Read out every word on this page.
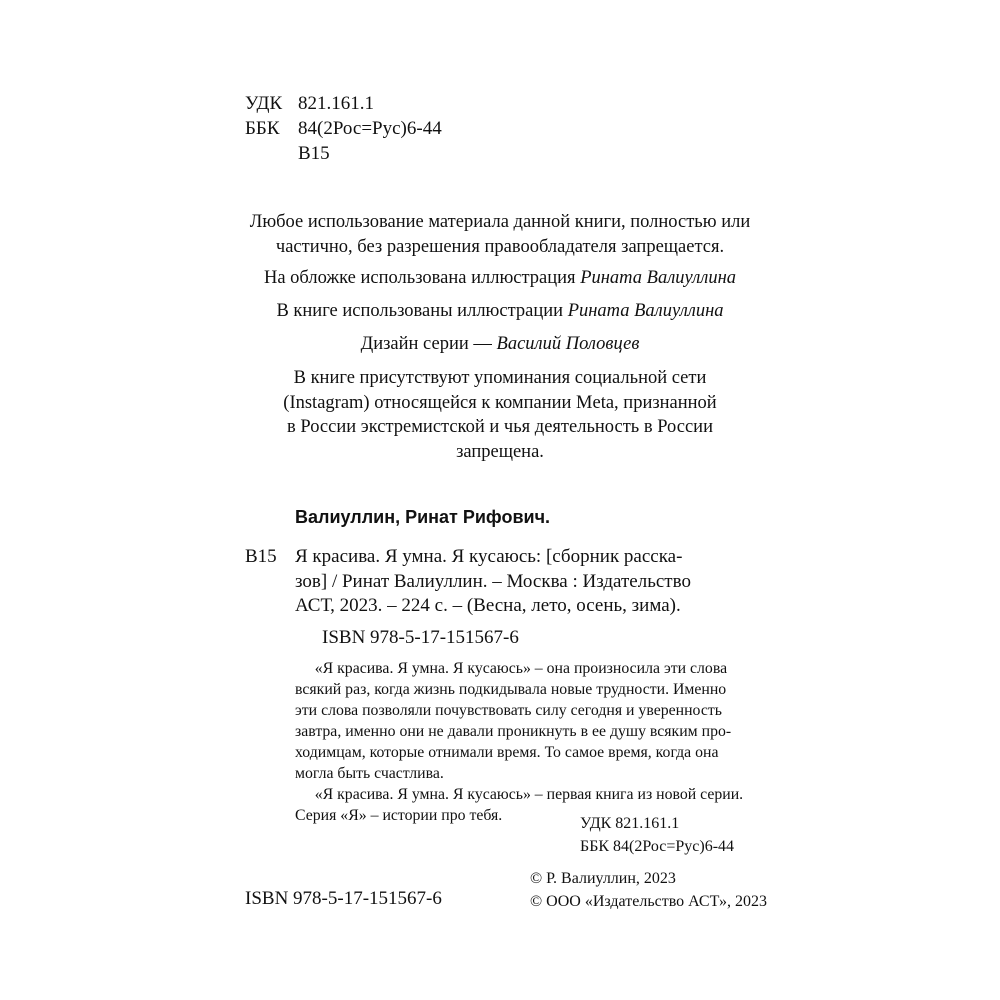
УДК 821.161.1
ББК 84(2Рос=Рус)6-44
В15
Любое использование материала данной книги, полностью или
частично, без разрешения правообладателя запрещается.
На обложке использована иллюстрация Рината Валиуллина
В книге использованы иллюстрации Рината Валиуллина
Дизайн серии — Василий Половцев
В книге присутствуют упоминания социальной сети
(Instagram) относящейся к компании Meta, признанной
в России экстремистской и чья деятельность в России
запрещена.
Валиуллин, Ринат Рифович.
В15 Я красива. Я умна. Я кусаюсь: [сборник расска-
зов] / Ринат Валиуллин. – Москва : Издательство
АСТ, 2023. – 224 с. – (Весна, лето, осень, зима).
ISBN 978-5-17-151567-6
«Я красива. Я умна. Я кусаюсь» – она произносила эти слова
всякий раз, когда жизнь подкидывала новые трудности. Именно
эти слова позволяли почувствовать силу сегодня и уверенность
завтра, именно они не давали проникнуть в ее душу всяким про-
ходимцам, которые отнимали время. То самое время, когда она
могла быть счастлива.
«Я красива. Я умна. Я кусаюсь» – первая книга из новой серии.
Серия «Я» – истории про тебя.	УДК 821.161.1
ББК 84(2Рос=Рус)6-44
ISBN 978-5-17-151567-6
© Р. Валиуллин, 2023
© ООО «Издательство АСТ», 2023
